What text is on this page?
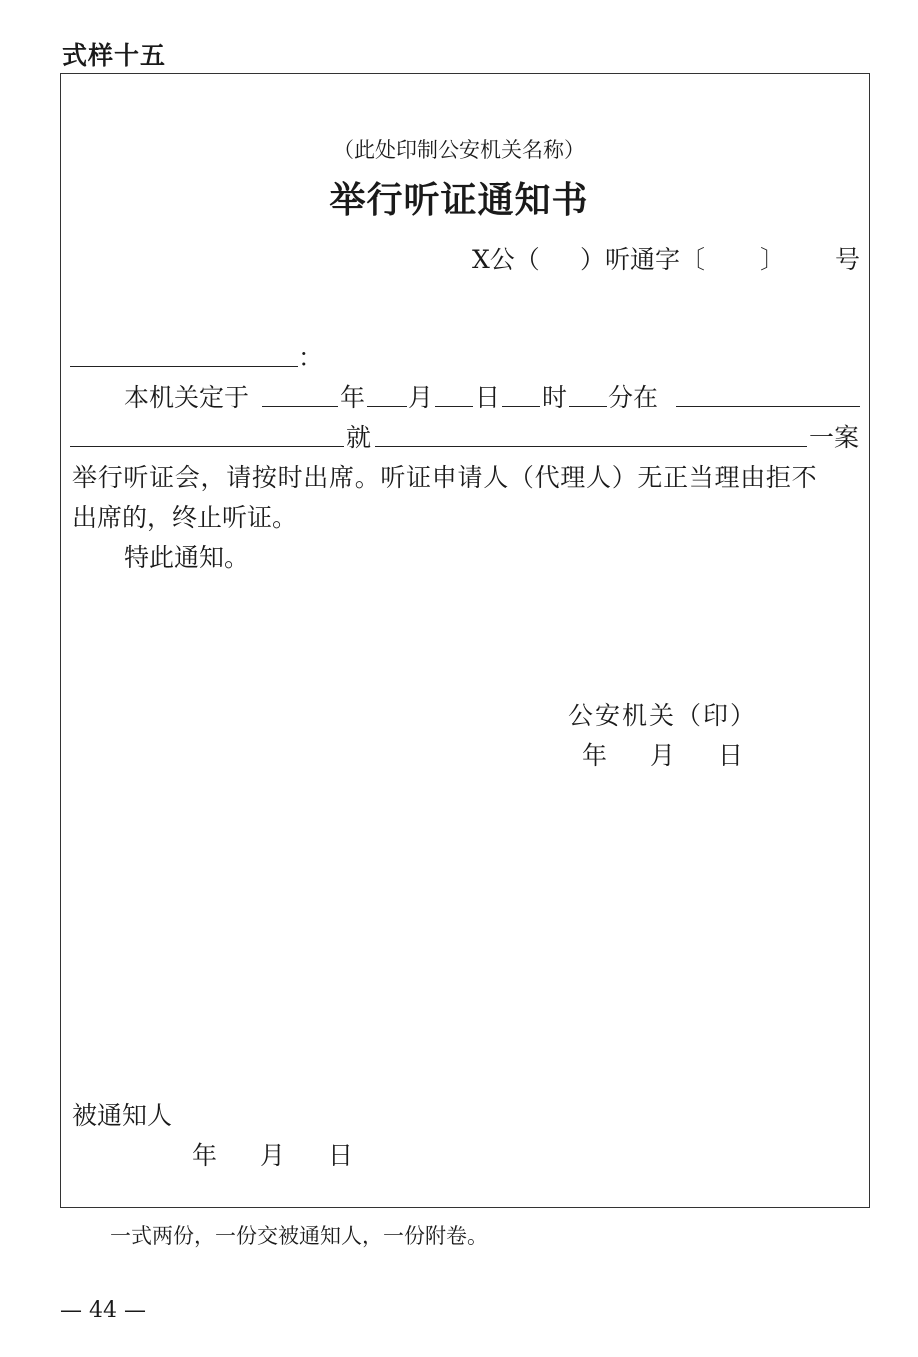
式样十五
（此处印制公安机关名称）
举行听证通知书
X公（ ）听通字〔 〕 号
：
本机关定于	年 月 日 时 分在
就	一案
举行听证会，请按时出席。听证申请人（代理人）无正当理由拒不
出席的，终止听证。
特此通知。
公安机关（印）
年 月 日
被通知人
年 月 日
一式两份，一份交被通知人，一份附卷。
— 44 —
